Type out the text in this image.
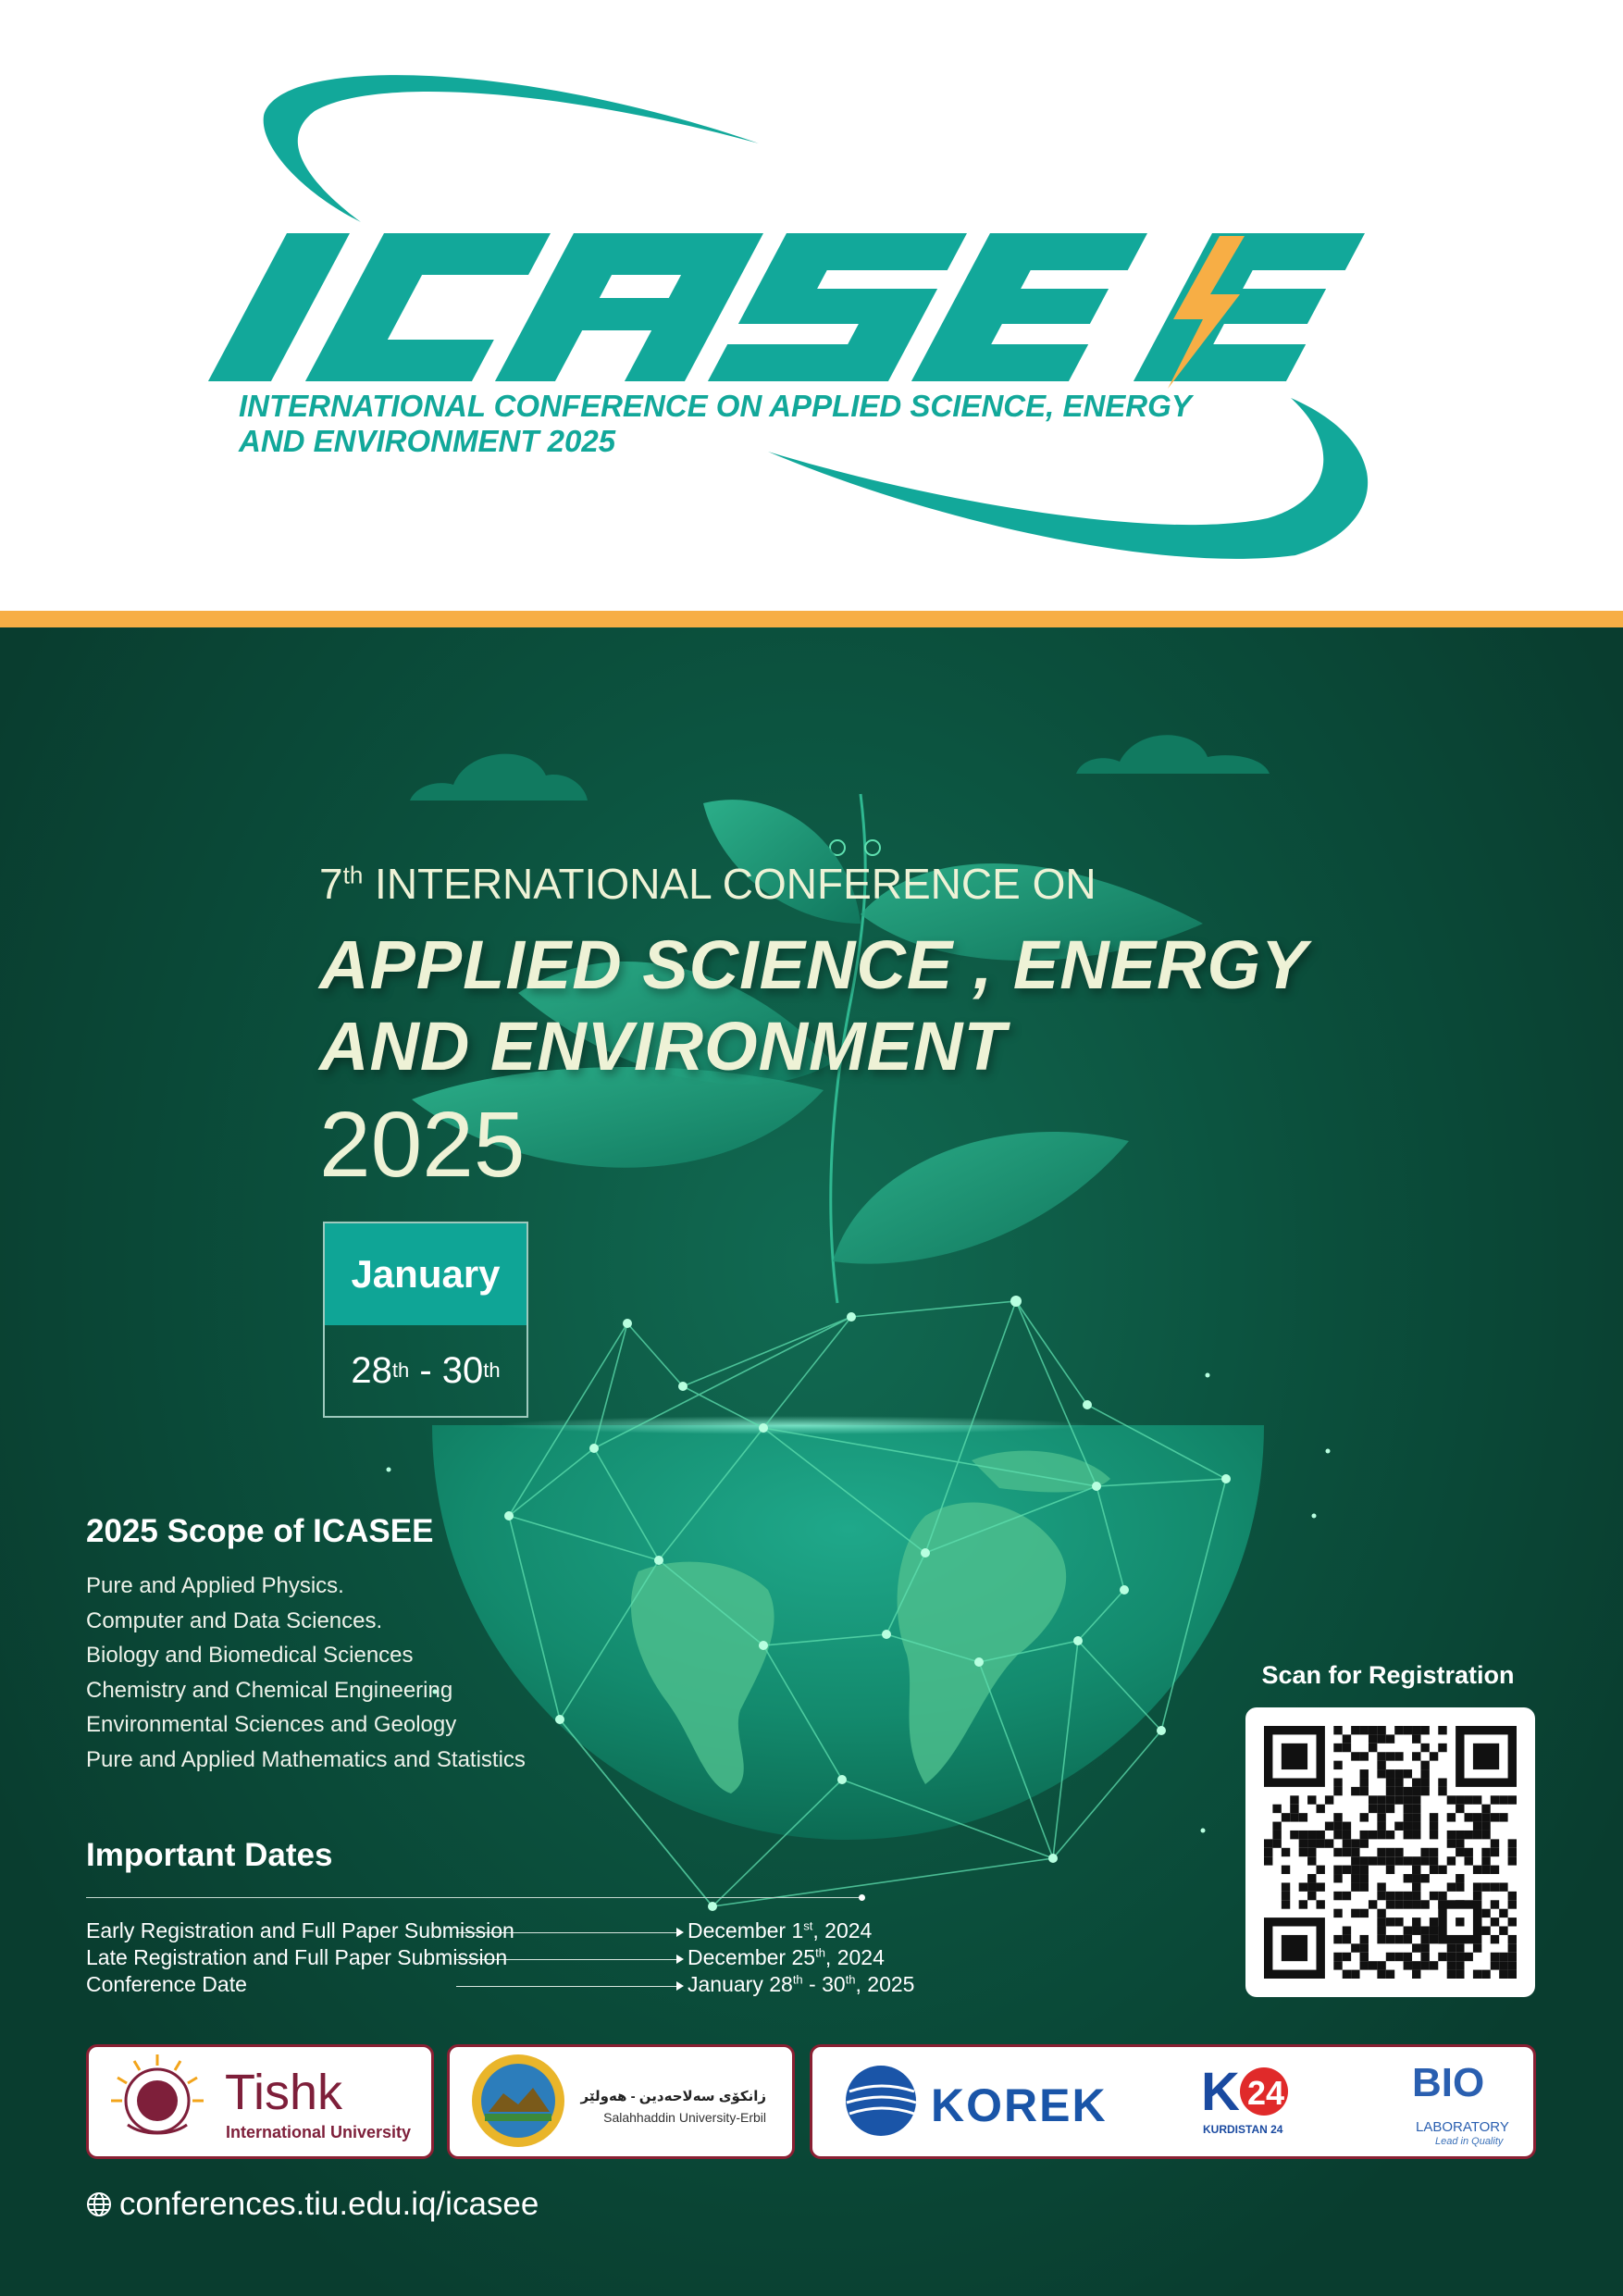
INTERNATIONAL CONFERENCE ON APPLIED SCIENCE, ENERGY
AND ENVIRONMENT 2025
7th INTERNATIONAL CONFERENCE ON
APPLIED SCIENCE , ENERGY
AND ENVIRONMENT
2025
January
28 th - 30 th
2025 Scope of ICASEE
Pure and Applied Physics.
Computer and Data Sciences.
Biology and Biomedical Sciences
Chemistry and Chemical Engineering
Environmental Sciences and Geology
Pure and Applied Mathematics and Statistics
Important Dates
Early Registration and Full Paper Submission	December 1st, 2024
Late Registration and Full Paper Submission	December 25th, 2024
Conference Date	January 28th - 30th, 2025
Scan for Registration
Tishk
International University
زانکۆی سەلاحەدین - هەولێر
Salahhaddin University-Erbil	KOREK K 24
KURDISTAN 24
BIO
LABORATORY
Lead in Quality
conferences.tiu.edu.iq/icasee
